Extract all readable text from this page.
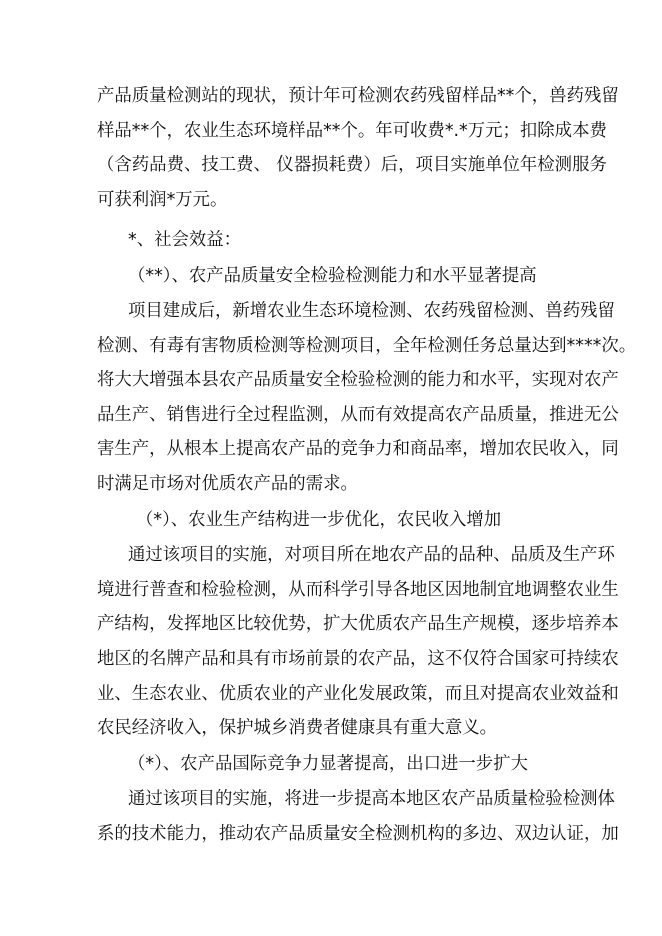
产品质量检测站的现状，预计年可检测农药残留样品**个，兽药残留
样品**个，农业生态环境样品**个。年可收费*.*万元；扣除成本费
（含药品费、技工费、 仪器损耗费）后，项目实施单位年检测服务
可获利润*万元。
*、社会效益：
（**）、农产品质量安全检验检测能力和水平显著提高
项目建成后，新增农业生态环境检测、农药残留检测、兽药残留
检测、有毒有害物质检测等检测项目，全年检测任务总量达到****次。
将大大增强本县农产品质量安全检验检测的能力和水平，实现对农产
品生产、销售进行全过程监测，从而有效提高农产品质量，推进无公
害生产，从根本上提高农产品的竞争力和商品率，增加农民收入，同
时满足市场对优质农产品的需求。
（*）、农业生产结构进一步优化，农民收入增加
通过该项目的实施，对项目所在地农产品的品种、品质及生产环
境进行普查和检验检测，从而科学引导各地区因地制宜地调整农业生
产结构，发挥地区比较优势，扩大优质农产品生产规模，逐步培养本
地区的名牌产品和具有市场前景的农产品，这不仅符合国家可持续农
业、生态农业、优质农业的产业化发展政策，而且对提高农业效益和
农民经济收入，保护城乡消费者健康具有重大意义。
（*）、农产品国际竞争力显著提高，出口进一步扩大
通过该项目的实施，将进一步提高本地区农产品质量检验检测体
系的技术能力，推动农产品质量安全检测机构的多边、双边认证，加
